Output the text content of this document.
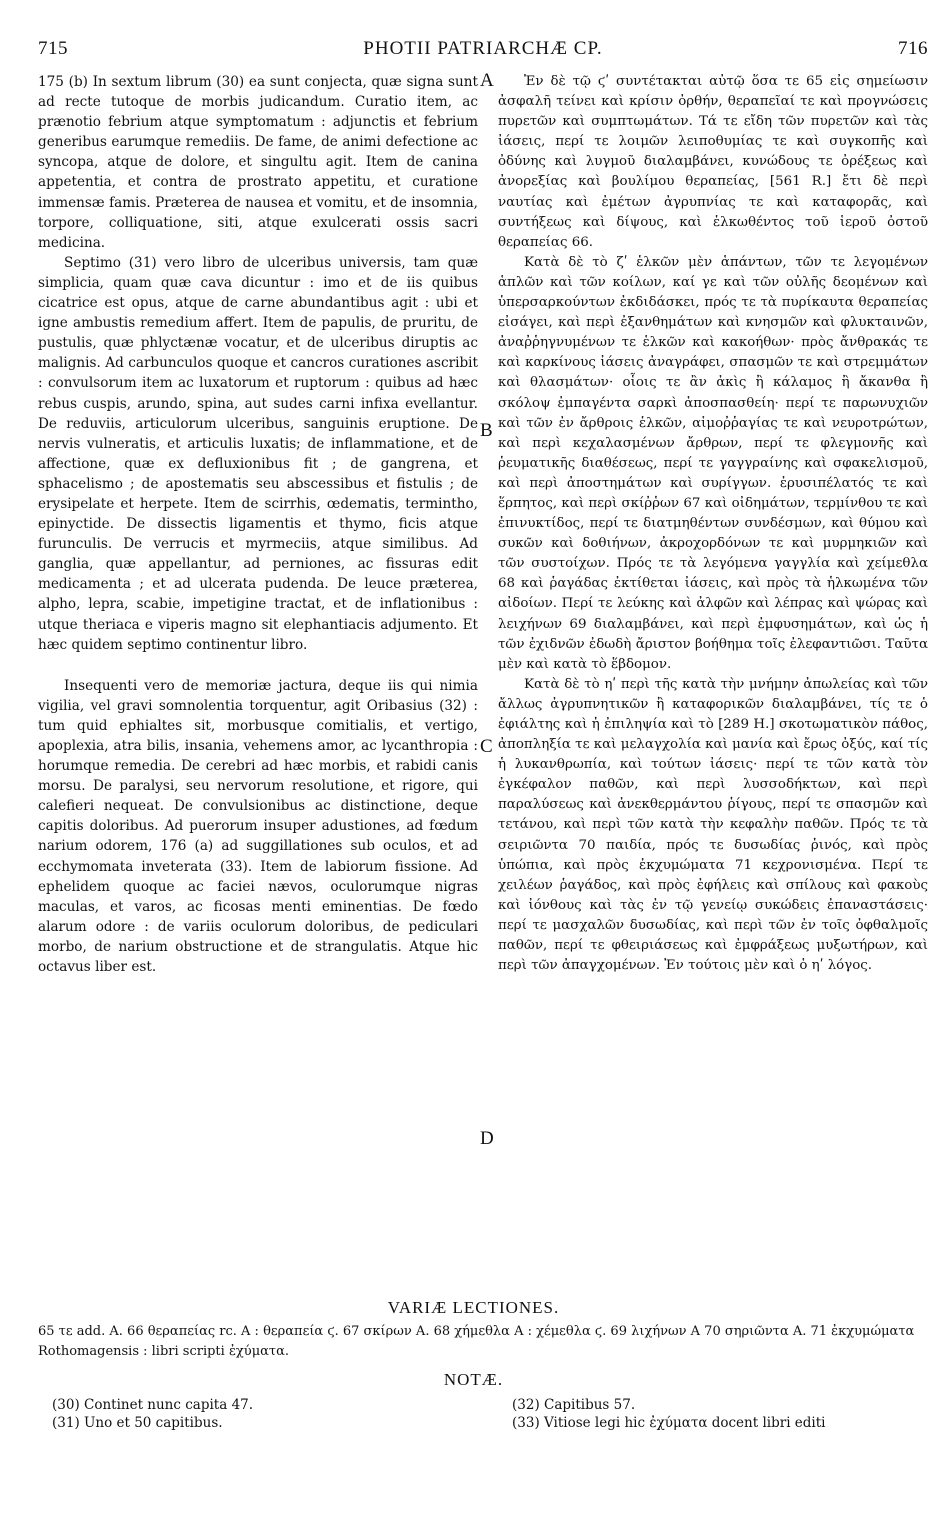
715	PHOTII PATRIARCHÆ CP.	716
A
B
C
D

175 (b) In sextum librum (30) ea sunt conjecta, quæ signa sunt ad recte tutoque de morbis judicandum. Curatio item, ac prænotio febrium atque symptomatum : adjunctis et febrium generibus earumque remediis. De fame, de animi defectione ac syncopa, atque de dolore, et singultu agit. Item de canina appetentia, et contra de prostrato appetitu, et curatione immensæ famis. Præterea de nausea et vomitu, et de insomnia, torpore, colliquatione, siti, atque exulcerati ossis sacri medicina.

Septimo (31) vero libro de ulceribus universis, tam quæ simplicia, quam quæ cava dicuntur : imo et de iis quibus cicatrice est opus, atque de carne abundantibus agit : ubi et igne ambustis remedium affert. Item de papulis, de pruritu, de pustulis, quæ phlyctænæ vocatur, et de ulceribus diruptis ac malignis. Ad carbunculos quoque et cancros curationes ascribit : convulsorum item ac luxatorum et ruptorum : quibus ad hæc rebus cuspis, arundo, spina, aut sudes carni infixa evellantur. De reduviis, articulorum ulceribus, sanguinis eruptione. De nervis vulneratis, et articulis luxatis; de inflammatione, et de affectione, quæ ex defluxionibus fit ; de gangrena, et sphacelismo ; de apostematis seu abscessibus et fistulis ; de erysipelate et herpete. Item de scirrhis, œdematis, terminthо, epinyctide. De dissectis ligamentis et thymo, ficis atque furunculis. De verrucis et myrmeciis, atque similibus. Ad ganglia, quæ appellantur, ad perniones, ac fissuras edit medicamenta ; et ad ulcerata pudenda. De leuce præterea, alpho, lepra, scabie, impetigine tractat, et de inflationibus : utque theriaca e viperis magno sit elephantiacis adjumento. Et hæc quidem septimo continentur libro.

Insequenti vero de memoriæ jactura, deque iis qui nimia vigilia, vel gravi somnolentia torquentur, agit Oribasius (32) : tum quid ephialtes sit, morbusque comitialis, et vertigo, apoplexia, atra bilis, insania, vehemens amor, ac lycanthropia : horumque remedia. De cerebri ad hæc morbis, et rabidi canis morsu. De paralysi, seu nervorum resolutione, et rigore, qui calefieri nequeat. De convulsionibus ac distinctione, deque capitis doloribus. Ad puerorum insuper adustiones, ad fœdum narium odorem, 176 (a) ad suggillationes sub oculos, et ad ecchymomata inveterata (33). Item de labiorum fissione. Ad ephelidem quoque ac faciei nævos, oculorumque nigras maculas, et varos, ac ficosas menti eminentias. De fœdo alarum odore : de variis oculorum doloribus, de pediculari morbo, de narium obstructione et de strangulatis. Atque hic octavus liber est.

Ἐν δὲ τῷ ϛʹ συντέτακται αὐτῷ ὅσα τε 65 εἰς σημείωσιν ἀσφαλῆ τείνει καὶ κρίσιν ὀρθήν, θεραπεῖαί τε καὶ προγνώσεις πυρετῶν καὶ συμπτωμάτων. Τά τε εἴδη τῶν πυρετῶν καὶ τὰς ἰάσεις, περί τε λοιμῶν λειποθυμίας τε καὶ συγκοπῆς καὶ ὀδύνης καὶ λυγμοῦ διαλαμβάνει, κυνώδους τε ὀρέξεως καὶ ἀνορεξίας καὶ βουλίμου θεραπείας, [561 R.] ἔτι δὲ περὶ ναυτίας καὶ ἐμέτων ἀγρυπνίας τε καὶ καταφορᾶς, καὶ συντήξεως καὶ δίψους, καὶ ἑλκωθέντος τοῦ ἱεροῦ ὀστοῦ θεραπείας 66.

Κατὰ δὲ τὸ ζʹ ἑλκῶν μὲν ἁπάντων, τῶν τε λεγομένων ἁπλῶν καὶ τῶν κοίλων, καί γε καὶ τῶν οὐλῆς δεομένων καὶ ὑπερσαρκούντων ἐκδιδάσκει, πρός τε τὰ πυρίκαυτα θεραπείας εἰσάγει, καὶ περὶ ἐξανθημάτων καὶ κνησμῶν καὶ φλυκταινῶν, ἀναῤῥηγνυμένων τε ἑλκῶν καὶ κακοήθων· πρὸς ἄνθρακάς τε καὶ καρκίνους ἰάσεις ἀναγράφει, σπασμῶν τε καὶ στρεμμάτων καὶ θλασμάτων· οἷοις τε ἂν ἀκὶς ἢ κάλαμος ἢ ἄκανθα ἢ σκόλοψ ἐμπαγέντα σαρκὶ ἀποσπασθείη· περί τε παρωνυχιῶν καὶ τῶν ἐν ἄρθροις ἑλκῶν, αἱμοῤῥαγίας τε καὶ νευροτρώτων, καὶ περὶ κεχαλασμένων ἄρθρων, περί τε φλεγμονῆς καὶ ῥευματικῆς διαθέσεως, περί τε γαγγραίνης καὶ σφακελισμοῦ, καὶ περὶ ἀποστημάτων καὶ συρίγγων. ἐρυσιπέλατός τε καὶ ἕρπητος, καὶ περὶ σκίῤῥων 67 καὶ οἰδημάτων, τερμίνθου τε καὶ ἐπινυκτίδος, περί τε διατμηθέντων συνδέσμων, καὶ θύμου καὶ συκῶν καὶ δοθιήνων, ἀκροχορδόνων τε καὶ μυρμηκιῶν καὶ τῶν συστοίχων. Πρός τε τὰ λεγόμενα γαγγλία καὶ χείμεθλα 68 καὶ ῥαγάδας ἐκτίθεται ἰάσεις, καὶ πρὸς τὰ ἡλκωμένα τῶν αἰδοίων. Περί τε λεύκης καὶ ἀλφῶν καὶ λέπρας καὶ ψώρας καὶ λειχήνων 69 διαλαμβάνει, καὶ περὶ ἐμφυσημάτων, καὶ ὡς ἡ τῶν ἐχιδνῶν ἐδωδὴ ἄριστον βοήθημα τοῖς ἐλεφαντιῶσι. Ταῦτα μὲν καὶ κατὰ τὸ ἕβδομον.

Κατὰ δὲ τὸ ηʹ περὶ τῆς κατὰ τὴν μνήμην ἀπωλείας καὶ τῶν ἄλλως ἀγρυπνητικῶν ἢ καταφορικῶν διαλαμβάνει, τίς τε ὁ ἐφιάλτης καὶ ἡ ἐπιληψία καὶ τὸ [289 H.] σκοτωματικὸν πάθος, ἀποπληξία τε καὶ μελαγχολία καὶ μανία καὶ ἔρως ὀξύς, καί τίς ἡ λυκανθρωπία, καὶ τούτων ἰάσεις· περί τε τῶν κατὰ τὸν ἐγκέφαλον παθῶν, καὶ περὶ λυσσοδήκτων, καὶ περὶ παραλύσεως καὶ ἀνεκθερμάντου ῥίγους, περί τε σπασμῶν καὶ τετάνου, καὶ περὶ τῶν κατὰ τὴν κεφαλὴν παθῶν. Πρός τε τὰ σειριῶντα 70 παιδία, πρός τε δυσωδίας ῥινός, καὶ πρὸς ὑπώπια, καὶ πρὸς ἐκχυμώματα 71 κεχρονισμένα. Περί τε χειλέων ῥαγάδος, καὶ πρὸς ἐφήλεις καὶ σπίλους καὶ φακοὺς καὶ ἰόνθους καὶ τὰς ἐν τῷ γενείῳ συκώδεις ἐπαναστάσεις· περί τε μασχαλῶν δυσωδίας, καὶ περὶ τῶν ἐν τοῖς ὀφθαλμοῖς παθῶν, περί τε φθειριάσεως καὶ ἐμφράξεως μυξωτήρων, καὶ περὶ τῶν ἀπαγχομένων. Ἐν τούτοις μὲν καὶ ὁ ηʹ λόγος.

VARIÆ LECTIONES.
65 τε add. A. 66 θεραπείας rc. A : θεραπεία ϛ. 67 σκίρων A. 68 χήμεθλα A : χέμεθλα ϛ. 69 λιχήνων A 70 σηριῶντα A. 71 ἐκχυμώματα Rothomagensis : libri scripti ἐχύματα.
NOTÆ.
(30) Continet nunc capita 47.
(31) Uno et 50 capitibus.
(32) Capitibus 57.
(33) Vitiose legi hic ἐχύματα docent libri editi
